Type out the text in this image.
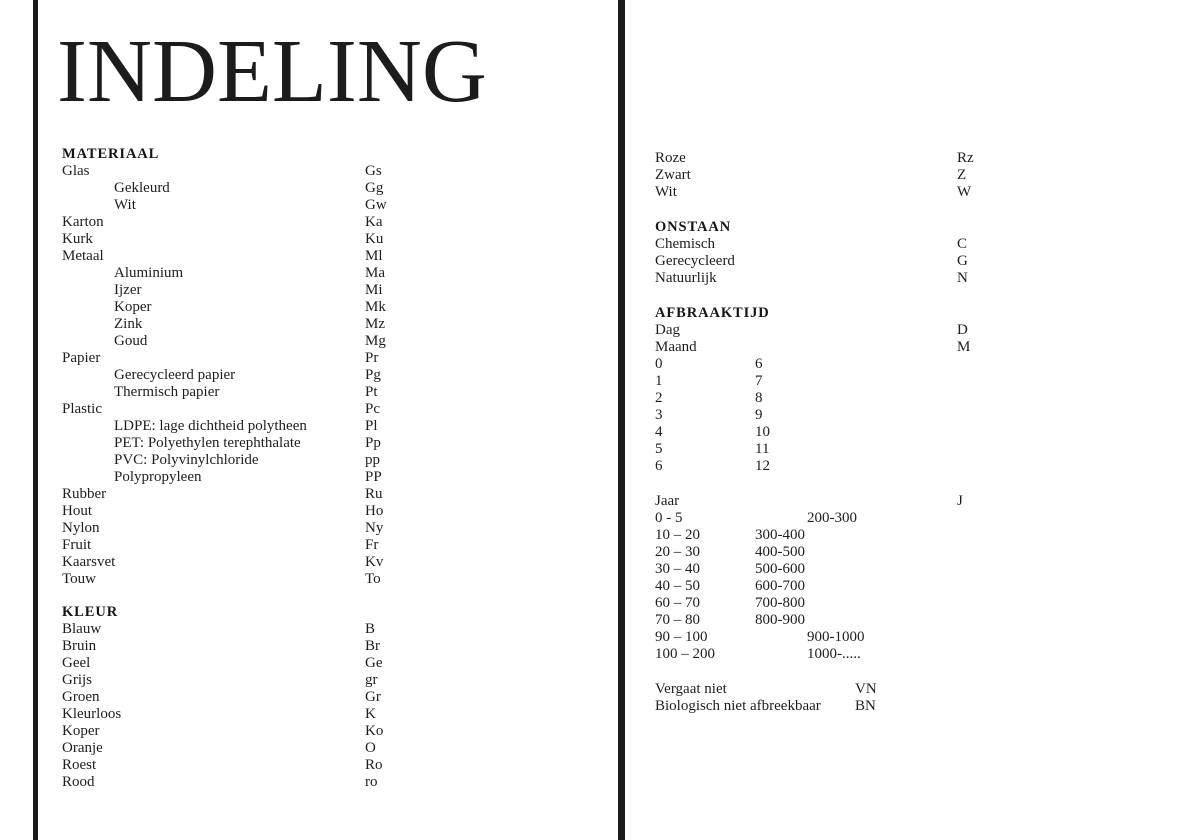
INDELING
MATERIAAL
Glas	Gs
Gekleurd	Gg
Wit	Gw
Karton	Ka
Kurk	Ku
Metaal	Ml
Aluminium	Ma
Ijzer	Mi
Koper	Mk
Zink	Mz
Goud	Mg
Papier	Pr
Gerecycleerd papier	Pg
Thermisch papier	Pt
Plastic	Pc
LDPE: lage dichtheid polytheen	Pl
PET: Polyethylen terephthalate	Pp
PVC: Polyvinylchloride	pp
Polypropyleen	PP
Rubber	Ru
Hout	Ho
Nylon	Ny
Fruit	Fr
Kaarsvet	Kv
Touw	To
KLEUR
Blauw	B
Bruin	Br
Geel	Ge
Grijs	gr
Groen	Gr
Kleurloos	K
Koper	Ko
Oranje	O
Roest	Ro
Rood	ro
Roze	Rz
Zwart	Z
Wit	W
ONSTAAN
Chemisch	C
Gerecycleerd	G
Natuurlijk	N
AFBRAAKTIJD
Dag	D
Maand	M
0	6
1	7
2	8
3	9
4	10
5	11
6	12
Jaar	J
0 - 5	200-300
10 – 20	300-400
20 – 30	400-500
30 – 40	500-600
40 – 50	600-700
60 – 70	700-800
70 – 80	800-900
90 – 100	900-1000
100 – 200	1000-.....
Vergaat niet	VN
Biologisch niet afbreekbaar BN
